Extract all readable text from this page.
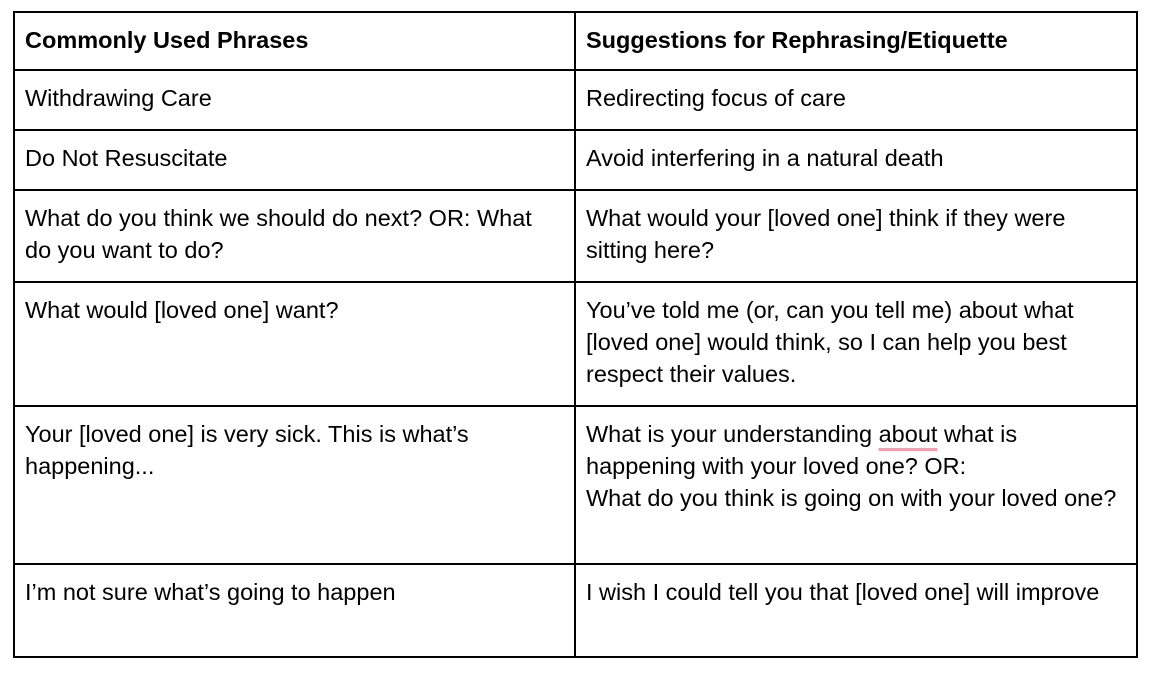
Commonly Used Phrases	Suggestions for Rephrasing/Etiquette
Withdrawing Care	Redirecting focus of care
Do Not Resuscitate	Avoid interfering in a natural death
What do you think we should do next? OR: What do you want to do?	What would your [loved one] think if they were sitting here?
What would [loved one] want?	You’ve told me (or, can you tell me) about what [loved one] would think, so I can help you best respect their values.
Your [loved one] is very sick. This is what’s happening...	What is your understanding about what is happening with your loved one? OR:
What do you think is going on with your loved one?

I’m not sure what’s going to happen	I wish I could tell you that [loved one] will improve
